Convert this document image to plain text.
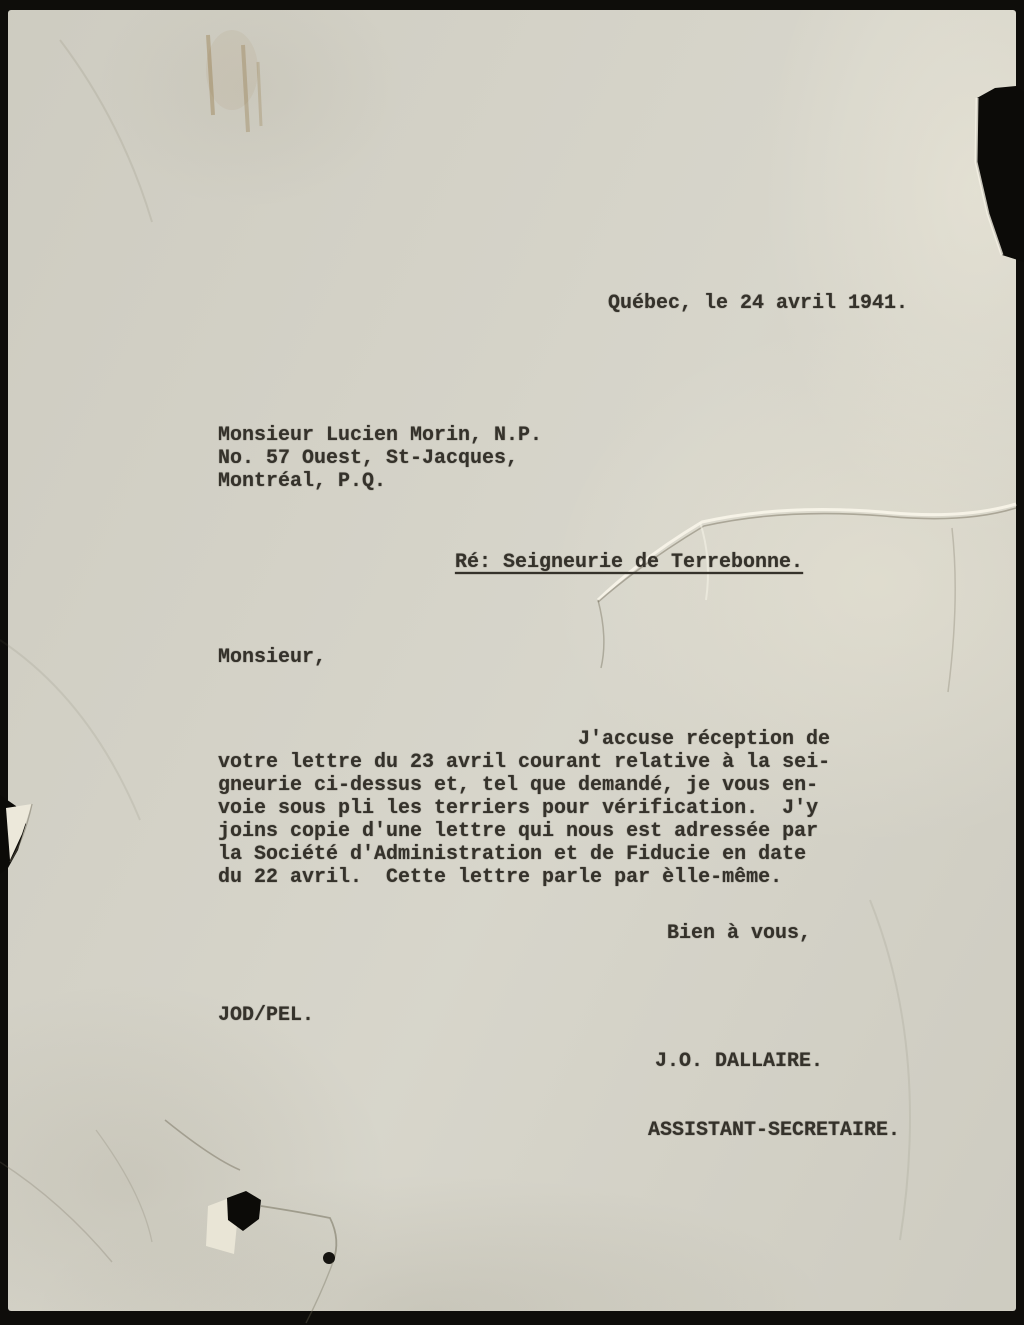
Québec, le 24 avril 1941.
Monsieur Lucien Morin, N.P.
No. 57 Ouest, St-Jacques,
Montréal, P.Q.
Ré: Seigneurie de Terrebonne.
Monsieur,
J'accuse réception de
votre lettre du 23 avril courant relative à la sei-
gneurie ci-dessus et, tel que demandé, je vous en-
voie sous pli les terriers pour vérification.  J'y
joins copie d'une lettre qui nous est adressée par
la Société d'Administration et de Fiducie en date
du 22 avril.  Cette lettre parle par èlle-même.
Bien à vous,
JOD/PEL.

J.O. DALLAIRE.

ASSISTANT-SECRETAIRE.
